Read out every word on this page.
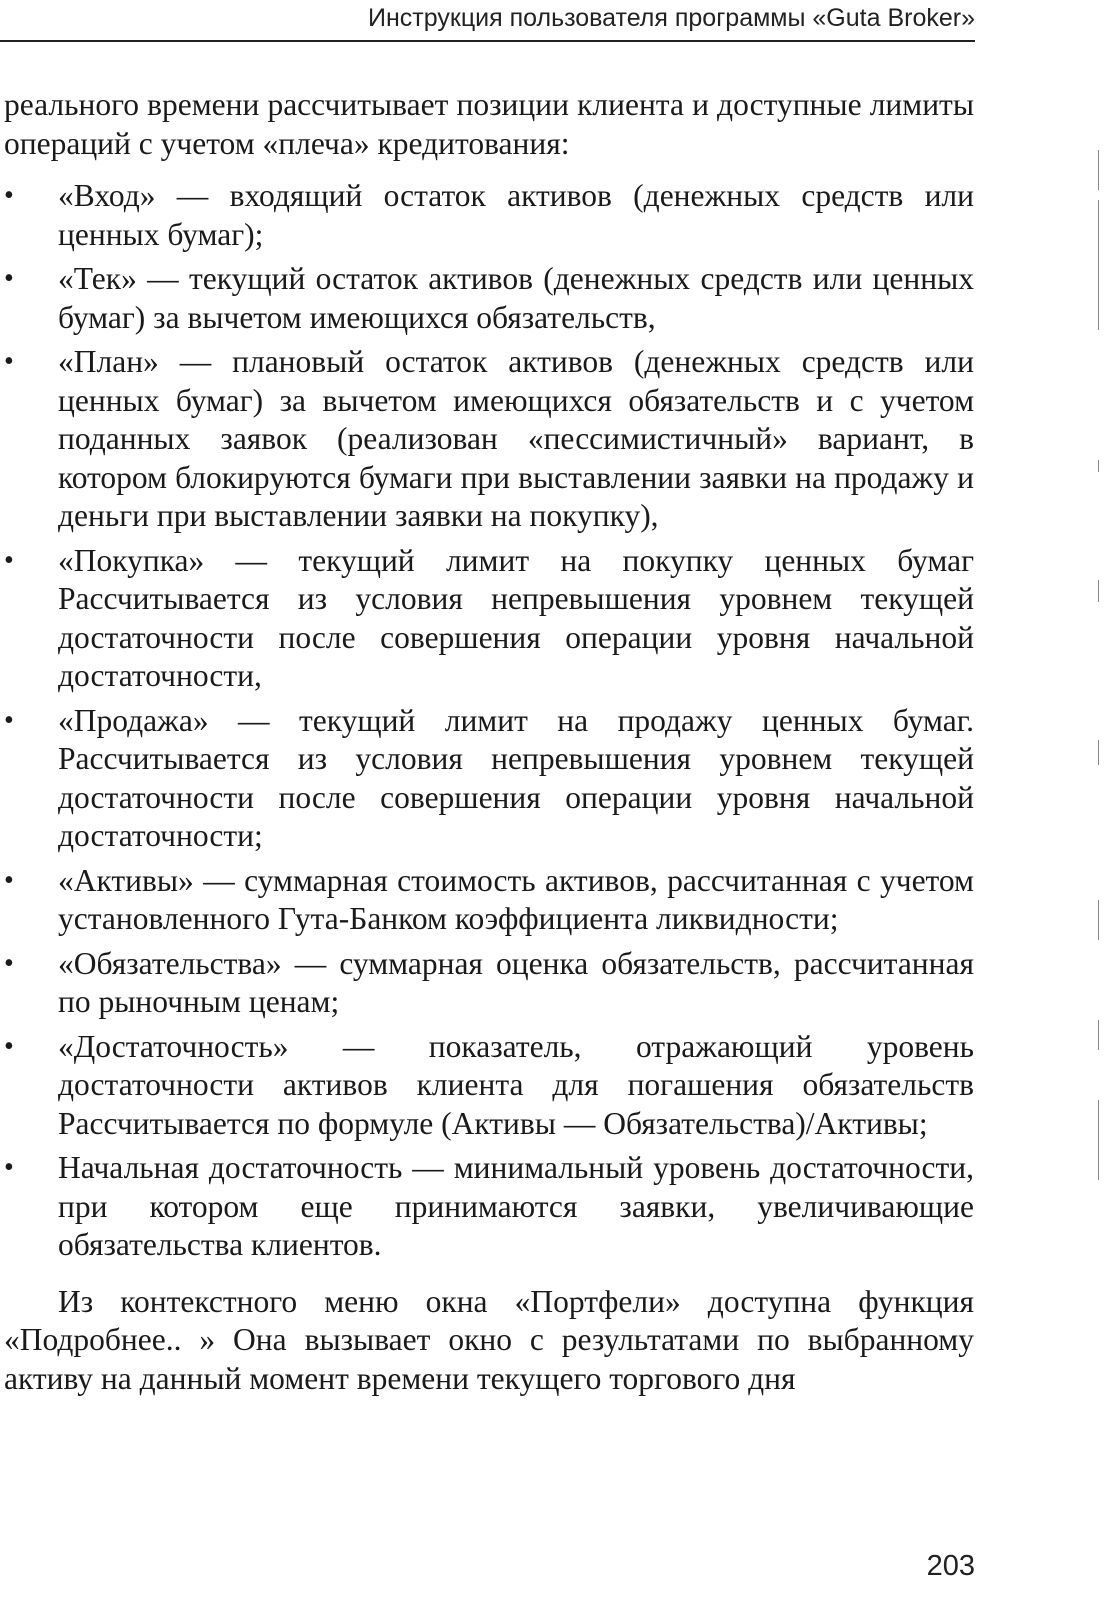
Инструкция пользователя программы «Guta Broker»

реального времени рассчитывает позиции клиента и доступные лимиты операций с учетом «плеча» кредитования:

• «Вход» — входящий остаток активов (денежных средств или ценных бумаг);
• «Тек» — текущий остаток активов (денежных средств или ценных бумаг) за вычетом имеющихся обязательств,
• «План» — плановый остаток активов (денежных средств или ценных бумаг) за вычетом имеющихся обязательств и с учетом поданных заявок (реализован «пессимистичный» вариант, в котором блокируются бумаги при выставлении заявки на продажу и деньги при выставлении заявки на покупку),
• «Покупка» — текущий лимит на покупку ценных бумаг Рассчитывается из условия непревышения уровнем текущей достаточности после совершения операции уровня начальной достаточности,
• «Продажа» — текущий лимит на продажу ценных бумаг. Рассчитывается из условия непревышения уровнем текущей достаточности после совершения операции уровня начальной достаточности;
• «Активы» — суммарная стоимость активов, рассчитанная с учетом установленного Гута-Банком коэффициента ликвидности;
• «Обязательства» — суммарная оценка обязательств, рассчитанная по рыночным ценам;
• «Достаточность» — показатель, отражающий уровень достаточности активов клиента для погашения обязательств Рассчитывается по формуле (Активы — Обязательства)/Активы;
• Начальная достаточность — минимальный уровень достаточности, при котором еще принимаются заявки, увеличивающие обязательства клиентов.

Из контекстного меню окна «Портфели» доступна функция «Подробнее.. » Она вызывает окно с результатами по выбранному активу на данный момент времени текущего торгового дня

203
